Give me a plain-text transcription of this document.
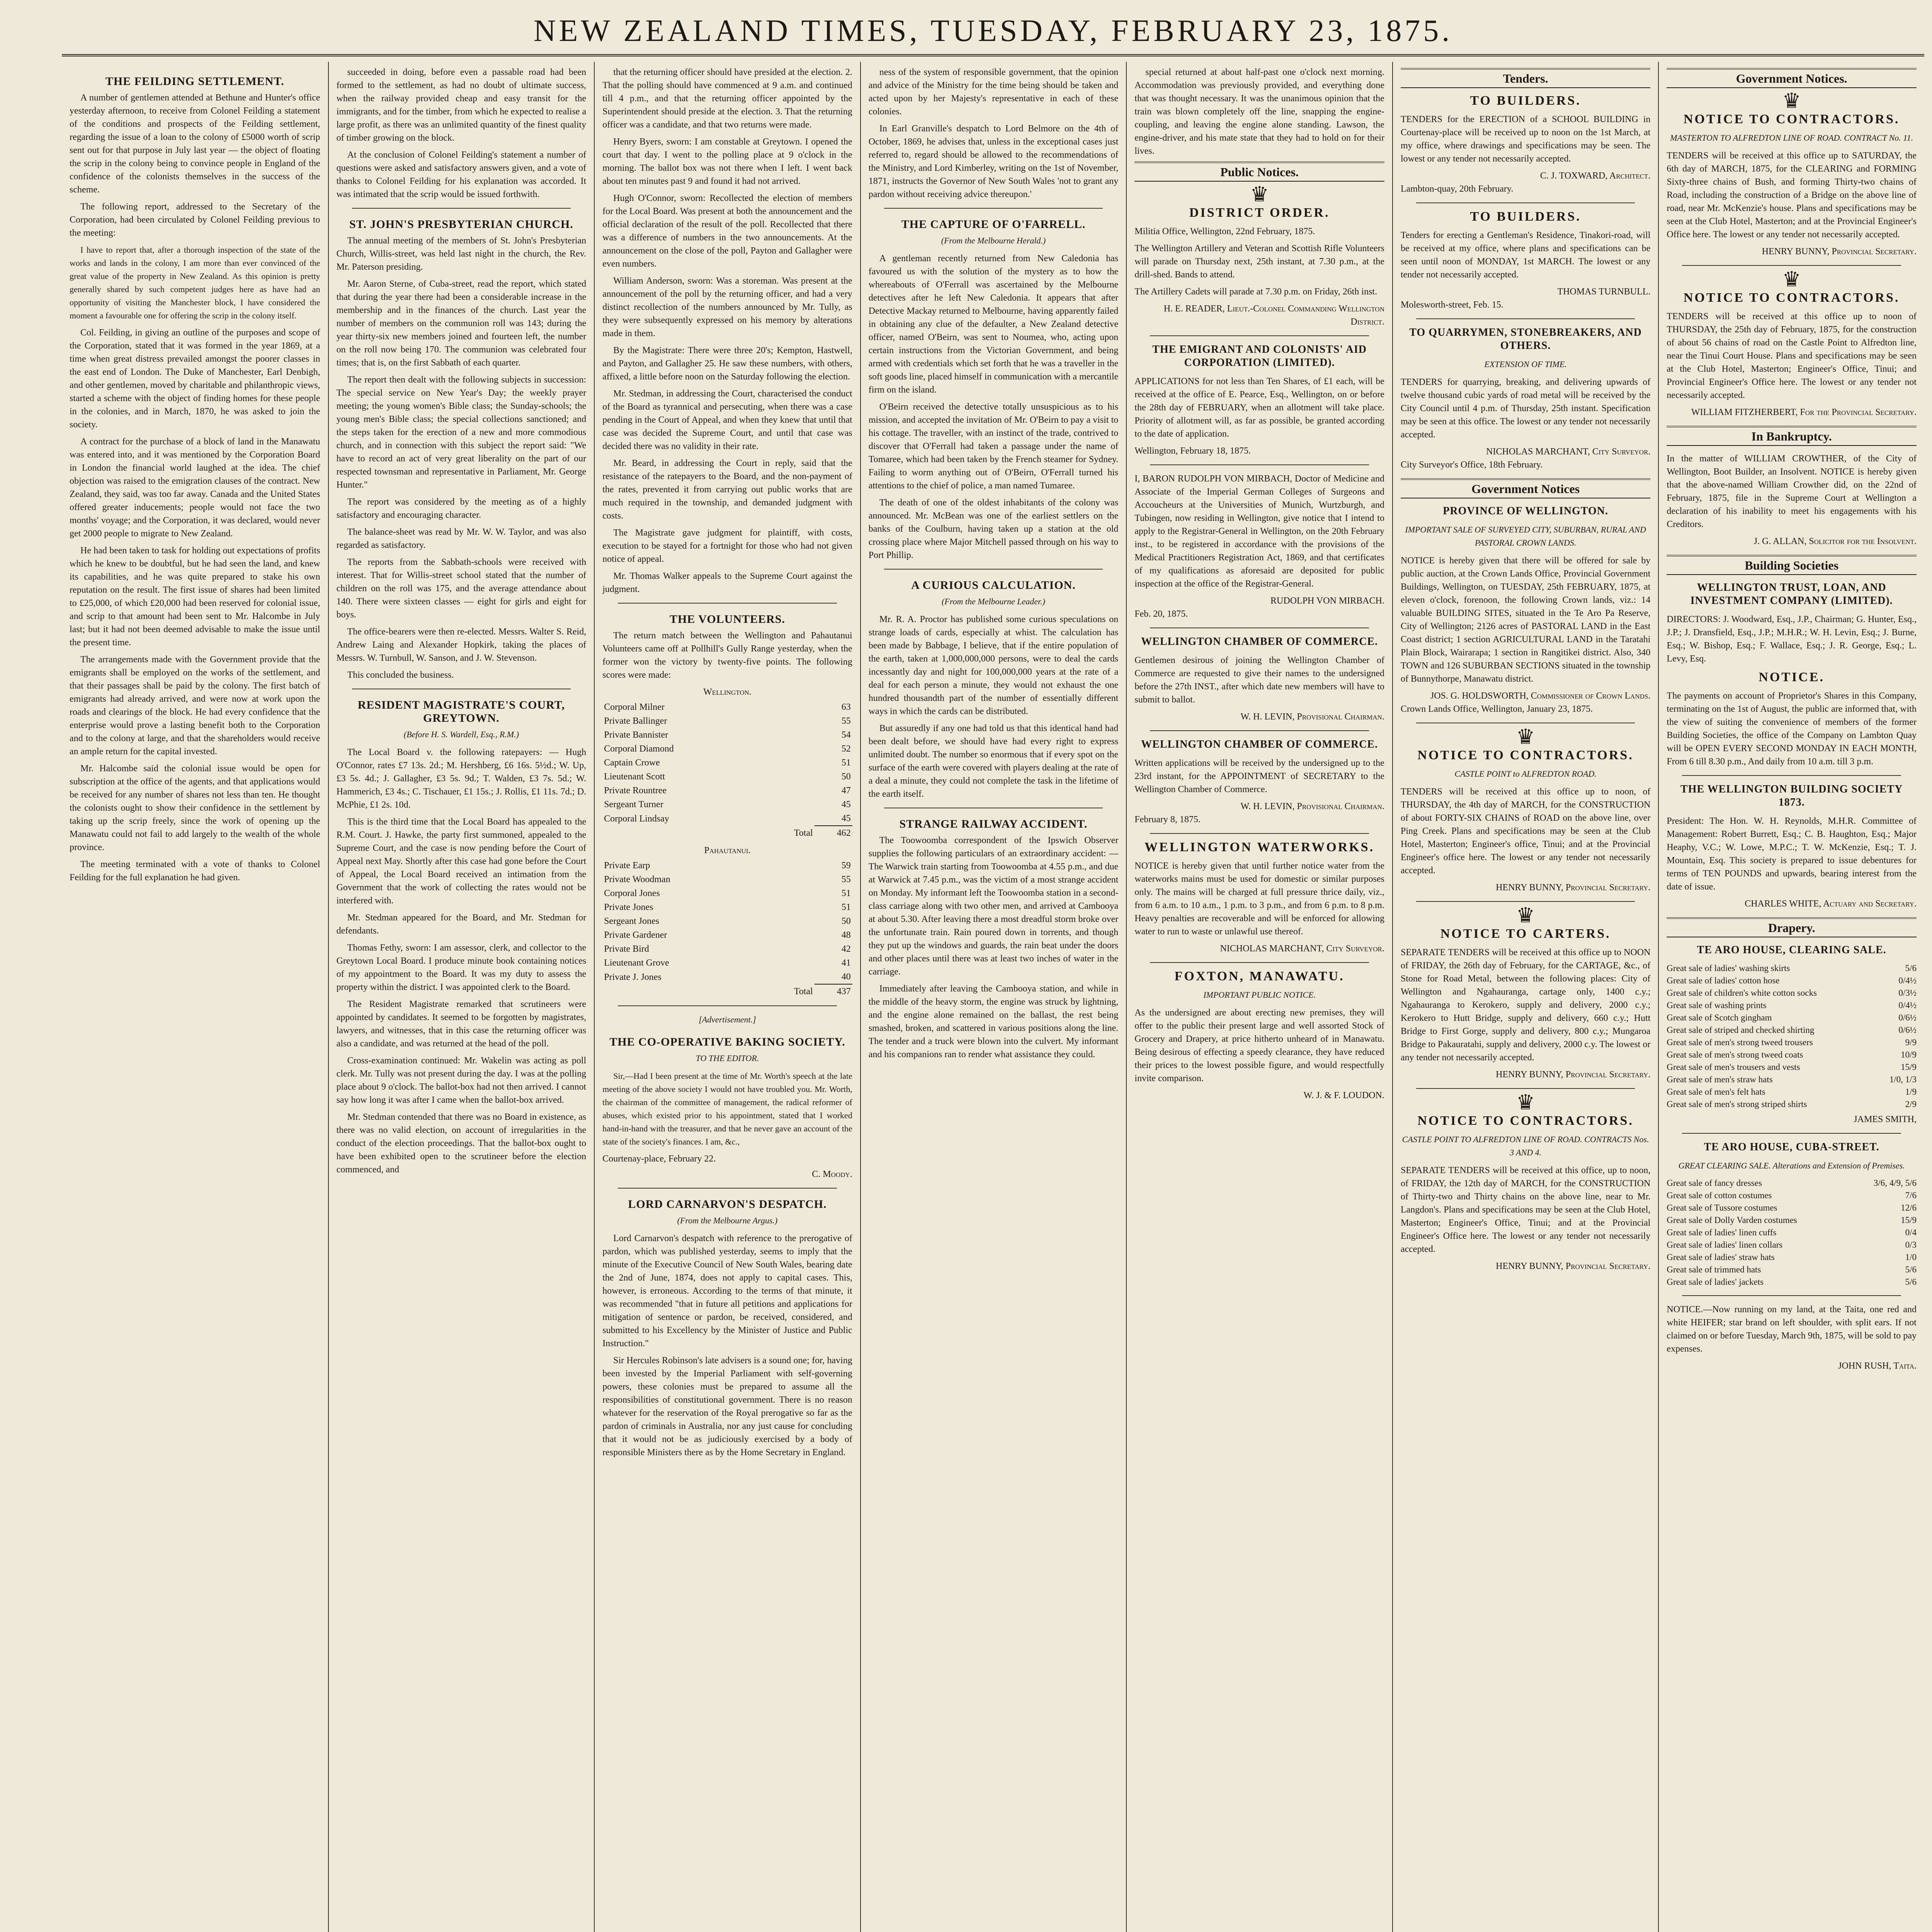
NEW ZEALAND TIMES, TUESDAY, FEBRUARY 23, 1875.
THE FEILDING SETTLEMENT.

A number of gentlemen attended at Bethune and Hunter's office yesterday afternoon, to receive from Colonel Feilding a statement of the conditions and prospects of the Feilding settlement, regarding the issue of a loan to the colony of £5000 worth of scrip sent out for that purpose in July last year — the object of floating the scrip in the colony being to convince people in England of the confidence of the colonists themselves in the success of the scheme.

The following report, addressed to the Secretary of the Corporation, had been circulated by Colonel Feilding previous to the meeting:

I have to report that, after a thorough inspection of the state of the works and lands in the colony, I am more than ever convinced of the great value of the property in New Zealand. As this opinion is pretty generally shared by such competent judges here as have had an opportunity of visiting the Manchester block, I have considered the moment a favourable one for offering the scrip in the colony itself.

Col. Feilding, in giving an outline of the purposes and scope of the Corporation, stated that it was formed in the year 1869, at a time when great distress prevailed amongst the poorer classes in the east end of London. The Duke of Manchester, Earl Denbigh, and other gentlemen, moved by charitable and philanthropic views, started a scheme with the object of finding homes for these people in the colonies, and in March, 1870, he was asked to join the society.

A contract for the purchase of a block of land in the Manawatu was entered into, and it was mentioned by the Corporation Board in London the financial world laughed at the idea. The chief objection was raised to the emigration clauses of the contract. New Zealand, they said, was too far away. Canada and the United States offered greater inducements; people would not face the two months' voyage; and the Corporation, it was declared, would never get 2000 people to migrate to New Zealand.

He had been taken to task for holding out expectations of profits which he knew to be doubtful, but he had seen the land, and knew its capabilities, and he was quite prepared to stake his own reputation on the result. The first issue of shares had been limited to £25,000, of which £20,000 had been reserved for colonial issue, and scrip to that amount had been sent to Mr. Halcombe in July last; but it had not been deemed advisable to make the issue until the present time.

The arrangements made with the Government provide that the emigrants shall be employed on the works of the settlement, and that their passages shall be paid by the colony. The first batch of emigrants had already arrived, and were now at work upon the roads and clearings of the block. He had every confidence that the enterprise would prove a lasting benefit both to the Corporation and to the colony at large, and that the shareholders would receive an ample return for the capital invested.

Mr. Halcombe said the colonial issue would be open for subscription at the office of the agents, and that applications would be received for any number of shares not less than ten. He thought the colonists ought to show their confidence in the settlement by taking up the scrip freely, since the work of opening up the Manawatu could not fail to add largely to the wealth of the whole province.

The meeting terminated with a vote of thanks to Colonel Feilding for the full explanation he had given.

succeeded in doing, before even a passable road had been formed to the settlement, as had no doubt of ultimate success, when the railway provided cheap and easy transit for the immigrants, and for the timber, from which he expected to realise a large profit, as there was an unlimited quantity of the finest quality of timber growing on the block.

At the conclusion of Colonel Feilding's statement a number of questions were asked and satisfactory answers given, and a vote of thanks to Colonel Feilding for his explanation was accorded. It was intimated that the scrip would be issued forthwith.

ST. JOHN'S PRESBYTERIAN CHURCH.

The annual meeting of the members of St. John's Presbyterian Church, Willis-street, was held last night in the church, the Rev. Mr. Paterson presiding.

Mr. Aaron Sterne, of Cuba-street, read the report, which stated that during the year there had been a considerable increase in the membership and in the finances of the church. Last year the number of members on the communion roll was 143; during the year thirty-six new members joined and fourteen left, the number on the roll now being 170. The communion was celebrated four times; that is, on the first Sabbath of each quarter.

The report then dealt with the following subjects in succession: The special service on New Year's Day; the weekly prayer meeting; the young women's Bible class; the Sunday-schools; the young men's Bible class; the special collections sanctioned; and the steps taken for the erection of a new and more commodious church, and in connection with this subject the report said: "We have to record an act of very great liberality on the part of our respected townsman and representative in Parliament, Mr. George Hunter."

The report was considered by the meeting as of a highly satisfactory and encouraging character.

The balance-sheet was read by Mr. W. W. Taylor, and was also regarded as satisfactory.

The reports from the Sabbath-schools were received with interest. That for Willis-street school stated that the number of children on the roll was 175, and the average attendance about 140. There were sixteen classes — eight for girls and eight for boys.

The office-bearers were then re-elected. Messrs. Walter S. Reid, Andrew Laing and Alexander Hopkirk, taking the places of Messrs. W. Turnbull, W. Sanson, and J. W. Stevenson.

This concluded the business.

RESIDENT MAGISTRATE'S COURT, GREYTOWN.
(Before H. S. Wardell, Esq., R.M.)

The Local Board v. the following ratepayers: — Hugh O'Connor, rates £7 13s. 2d.; M. Hershberg, £6 16s. 5½d.; W. Up, £3 5s. 4d.; J. Gallagher, £3 5s. 9d.; T. Walden, £3 7s. 5d.; W. Hammerich, £3 4s.; C. Tischauer, £1 15s.; J. Rollis, £1 11s. 7d.; D. McPhie, £1 2s. 10d.

This is the third time that the Local Board has appealed to the R.M. Court. J. Hawke, the party first summoned, appealed to the Supreme Court, and the case is now pending before the Court of Appeal next May. Shortly after this case had gone before the Court of Appeal, the Local Board received an intimation from the Government that the work of collecting the rates would not be interfered with.

Mr. Stedman appeared for the Board, and Mr. Stedman for defendants.

Thomas Fethy, sworn: I am assessor, clerk, and collector to the Greytown Local Board. I produce minute book containing notices of my appointment to the Board. It was my duty to assess the property within the district. I was appointed clerk to the Board.

The Resident Magistrate remarked that scrutineers were appointed by candidates. It seemed to be forgotten by magistrates, lawyers, and witnesses, that in this case the returning officer was also a candidate, and was returned at the head of the poll.

Cross-examination continued: Mr. Wakelin was acting as poll clerk. Mr. Tully was not present during the day. I was at the polling place about 9 o'clock. The ballot-box had not then arrived. I cannot say how long it was after I came when the ballot-box arrived.

Mr. Stedman contended that there was no Board in existence, as there was no valid election, on account of irregularities in the conduct of the election proceedings. That the ballot-box ought to have been exhibited open to the scrutineer before the election commenced, and

that the returning officer should have presided at the election. 2. That the polling should have commenced at 9 a.m. and continued till 4 p.m., and that the returning officer appointed by the Superintendent should preside at the election. 3. That the returning officer was a candidate, and that two returns were made.

Henry Byers, sworn: I am constable at Greytown. I opened the court that day. I went to the polling place at 9 o'clock in the morning. The ballot box was not there when I left. I went back about ten minutes past 9 and found it had not arrived.

Hugh O'Connor, sworn: Recollected the election of members for the Local Board. Was present at both the announcement and the official declaration of the result of the poll. Recollected that there was a difference of numbers in the two announcements. At the announcement on the close of the poll, Payton and Gallagher were even numbers.

William Anderson, sworn: Was a storeman. Was present at the announcement of the poll by the returning officer, and had a very distinct recollection of the numbers announced by Mr. Tully, as they were subsequently expressed on his memory by alterations made in them.

By the Magistrate: There were three 20's; Kempton, Hastwell, and Payton, and Gallagher 25. He saw these numbers, with others, affixed, a little before noon on the Saturday following the election.

Mr. Stedman, in addressing the Court, characterised the conduct of the Board as tyrannical and persecuting, when there was a case pending in the Court of Appeal, and when they knew that until that case was decided the Supreme Court, and until that case was decided there was no validity in their rate.

Mr. Beard, in addressing the Court in reply, said that the resistance of the ratepayers to the Board, and the non-payment of the rates, prevented it from carrying out public works that are much required in the township, and demanded judgment with costs.

The Magistrate gave judgment for plaintiff, with costs, execution to be stayed for a fortnight for those who had not given notice of appeal.

Mr. Thomas Walker appeals to the Supreme Court against the judgment.

THE VOLUNTEERS.

The return match between the Wellington and Pahautanui Volunteers came off at Pollhill's Gully Range yesterday, when the former won the victory by twenty-five points. The following scores were made:

Wellington.
Corporal Milner	63
Private Ballinger	55
Private Bannister	54
Corporal Diamond	52
Captain Crowe	51
Lieutenant Scott	50
Private Rountree	47
Sergeant Turner	45
Corporal Lindsay	45
Total	462
Pahautanui.
Private Earp	59
Private Woodman	55
Corporal Jones	51
Private Jones	51
Sergeant Jones	50
Private Gardener	48
Private Bird	42
Lieutenant Grove	41
Private J. Jones	40
Total	437
[Advertisement.]
THE CO-OPERATIVE BAKING SOCIETY.
TO THE EDITOR.

Sir,—Had I been present at the time of Mr. Worth's speech at the late meeting of the above society I would not have troubled you. Mr. Worth, the chairman of the committee of management, the radical reformer of abuses, which existed prior to his appointment, stated that I worked hand-in-hand with the treasurer, and that he never gave an account of the state of the society's finances. I am, &c.,

Courtenay-place, February 22.
C. Moody.
LORD CARNARVON'S DESPATCH.
(From the Melbourne Argus.)

Lord Carnarvon's despatch with reference to the prerogative of pardon, which was published yesterday, seems to imply that the minute of the Executive Council of New South Wales, bearing date the 2nd of June, 1874, does not apply to capital cases. This, however, is erroneous. According to the terms of that minute, it was recommended "that in future all petitions and applications for mitigation of sentence or pardon, be received, considered, and submitted to his Excellency by the Minister of Justice and Public Instruction."

Sir Hercules Robinson's late advisers is a sound one; for, having been invested by the Imperial Parliament with self-governing powers, these colonies must be prepared to assume all the responsibilities of constitutional government. There is no reason whatever for the reservation of the Royal prerogative so far as the pardon of criminals in Australia, nor any just cause for concluding that it would not be as judiciously exercised by a body of responsible Ministers there as by the Home Secretary in England.

ness of the system of responsible government, that the opinion and advice of the Ministry for the time being should be taken and acted upon by her Majesty's representative in each of these colonies.

In Earl Granville's despatch to Lord Belmore on the 4th of October, 1869, he advises that, unless in the exceptional cases just referred to, regard should be allowed to the recommendations of the Ministry, and Lord Kimberley, writing on the 1st of November, 1871, instructs the Governor of New South Wales 'not to grant any pardon without receiving advice thereupon.'

THE CAPTURE OF O'FARRELL.
(From the Melbourne Herald.)

A gentleman recently returned from New Caledonia has favoured us with the solution of the mystery as to how the whereabouts of O'Ferrall was ascertained by the Melbourne detectives after he left New Caledonia. It appears that after Detective Mackay returned to Melbourne, having apparently failed in obtaining any clue of the defaulter, a New Zealand detective officer, named O'Beirn, was sent to Noumea, who, acting upon certain instructions from the Victorian Government, and being armed with credentials which set forth that he was a traveller in the soft goods line, placed himself in communication with a mercantile firm on the island.

O'Beirn received the detective totally unsuspicious as to his mission, and accepted the invitation of Mr. O'Beirn to pay a visit to his cottage. The traveller, with an instinct of the trade, contrived to discover that O'Ferrall had taken a passage under the name of Tomaree, which had been taken by the French steamer for Sydney. Failing to worm anything out of O'Beirn, O'Ferrall turned his attentions to the chief of police, a man named Tumaree.

The death of one of the oldest inhabitants of the colony was announced. Mr. McBean was one of the earliest settlers on the banks of the Coulburn, having taken up a station at the old crossing place where Major Mitchell passed through on his way to Port Phillip.

A CURIOUS CALCULATION.
(From the Melbourne Leader.)

Mr. R. A. Proctor has published some curious speculations on strange loads of cards, especially at whist. The calculation has been made by Babbage, I believe, that if the entire population of the earth, taken at 1,000,000,000 persons, were to deal the cards incessantly day and night for 100,000,000 years at the rate of a deal for each person a minute, they would not exhaust the one hundred thousandth part of the number of essentially different ways in which the cards can be distributed.

But assuredly if any one had told us that this identical hand had been dealt before, we should have had every right to express unlimited doubt. The number so enormous that if every spot on the surface of the earth were covered with players dealing at the rate of a deal a minute, they could not complete the task in the lifetime of the earth itself.

STRANGE RAILWAY ACCIDENT.

The Toowoomba correspondent of the Ipswich Observer supplies the following particulars of an extraordinary accident: — The Warwick train starting from Toowoomba at 4.55 p.m., and due at Warwick at 7.45 p.m., was the victim of a most strange accident on Monday. My informant left the Toowoomba station in a second-class carriage along with two other men, and arrived at Cambooya at about 5.30. After leaving there a most dreadful storm broke over the unfortunate train. Rain poured down in torrents, and though they put up the windows and guards, the rain beat under the doors and other places until there was at least two inches of water in the carriage.

Immediately after leaving the Cambooya station, and while in the middle of the heavy storm, the engine was struck by lightning, and the engine alone remained on the ballast, the rest being smashed, broken, and scattered in various positions along the line. The tender and a truck were blown into the culvert. My informant and his companions ran to render what assistance they could.

special returned at about half-past one o'clock next morning. Accommodation was previously provided, and everything done that was thought necessary. It was the unanimous opinion that the train was blown completely off the line, snapping the engine-coupling, and leaving the engine alone standing. Lawson, the engine-driver, and his mate state that they had to hold on for their lives.

Public Notices.
♛
DISTRICT ORDER.

Militia Office, Wellington, 22nd February, 1875.

The Wellington Artillery and Veteran and Scottish Rifle Volunteers will parade on Thursday next, 25th instant, at 7.30 p.m., at the drill-shed. Bands to attend.

The Artillery Cadets will parade at 7.30 p.m. on Friday, 26th inst.

H. E. READER, Lieut.-Colonel Commanding Wellington District.
THE EMIGRANT AND COLONISTS' AID CORPORATION (LIMITED).

APPLICATIONS for not less than Ten Shares, of £1 each, will be received at the office of E. Pearce, Esq., Wellington, on or before the 28th day of FEBRUARY, when an allotment will take place. Priority of allotment will, as far as possible, be granted according to the date of application.

Wellington, February 18, 1875.

I, BARON RUDOLPH VON MIRBACH, Doctor of Medicine and Associate of the Imperial German Colleges of Surgeons and Accoucheurs at the Universities of Munich, Wurtzburgh, and Tubingen, now residing in Wellington, give notice that I intend to apply to the Registrar-General in Wellington, on the 20th February inst., to be registered in accordance with the provisions of the Medical Practitioners Registration Act, 1869, and that certificates of my qualifications as aforesaid are deposited for public inspection at the office of the Registrar-General.

RUDOLPH VON MIRBACH.
Feb. 20, 1875.
WELLINGTON CHAMBER OF COMMERCE.

Gentlemen desirous of joining the Wellington Chamber of Commerce are requested to give their names to the undersigned before the 27th INST., after which date new members will have to submit to ballot.

W. H. LEVIN, Provisional Chairman.
WELLINGTON CHAMBER OF COMMERCE.

Written applications will be received by the undersigned up to the 23rd instant, for the APPOINTMENT of SECRETARY to the Wellington Chamber of Commerce.

W. H. LEVIN, Provisional Chairman.
February 8, 1875.
WELLINGTON WATERWORKS.

NOTICE is hereby given that until further notice water from the waterworks mains must be used for domestic or similar purposes only. The mains will be charged at full pressure thrice daily, viz., from 6 a.m. to 10 a.m., 1 p.m. to 3 p.m., and from 6 p.m. to 8 p.m. Heavy penalties are recoverable and will be enforced for allowing water to run to waste or unlawful use thereof.

NICHOLAS MARCHANT, City Surveyor.
FOXTON, MANAWATU.
IMPORTANT PUBLIC NOTICE.

As the undersigned are about erecting new premises, they will offer to the public their present large and well assorted Stock of Grocery and Drapery, at price hitherto unheard of in Manawatu. Being desirous of effecting a speedy clearance, they have reduced their prices to the lowest possible figure, and would respectfully invite comparison.

W. J. & F. LOUDON.
Tenders.
TO BUILDERS.

TENDERS for the ERECTION of a SCHOOL BUILDING in Courtenay-place will be received up to noon on the 1st March, at my office, where drawings and specifications may be seen. The lowest or any tender not necessarily accepted.

C. J. TOXWARD, Architect.
Lambton-quay, 20th February.
TO BUILDERS.

Tenders for erecting a Gentleman's Residence, Tinakori-road, will be received at my office, where plans and specifications can be seen until noon of MONDAY, 1st MARCH. The lowest or any tender not necessarily accepted.

THOMAS TURNBULL.
Molesworth-street, Feb. 15.
TO QUARRYMEN, STONEBREAKERS, AND OTHERS.
EXTENSION OF TIME.

TENDERS for quarrying, breaking, and delivering upwards of twelve thousand cubic yards of road metal will be received by the City Council until 4 p.m. of Thursday, 25th instant. Specification may be seen at this office. The lowest or any tender not necessarily accepted.

NICHOLAS MARCHANT, City Surveyor.
City Surveyor's Office, 18th February.
Government Notices
PROVINCE OF WELLINGTON.
IMPORTANT SALE OF SURVEYED CITY, SUBURBAN, RURAL AND PASTORAL CROWN LANDS.

NOTICE is hereby given that there will be offered for sale by public auction, at the Crown Lands Office, Provincial Government Buildings, Wellington, on TUESDAY, 25th FEBRUARY, 1875, at eleven o'clock, forenoon, the following Crown lands, viz.: 14 valuable BUILDING SITES, situated in the Te Aro Pa Reserve, City of Wellington; 2126 acres of PASTORAL LAND in the East Coast district; 1 section AGRICULTURAL LAND in the Taratahi Plain Block, Wairarapa; 1 section in Rangitikei district. Also, 340 TOWN and 126 SUBURBAN SECTIONS situated in the township of Bunnythorpe, Manawatu district.

JOS. G. HOLDSWORTH, Commissioner of Crown Lands.
Crown Lands Office, Wellington, January 23, 1875.
♛
NOTICE TO CONTRACTORS.
CASTLE POINT to ALFREDTON ROAD.

TENDERS will be received at this office up to noon, of THURSDAY, the 4th day of MARCH, for the CONSTRUCTION of about FORTY-SIX CHAINS of ROAD on the above line, over Ping Creek. Plans and specifications may be seen at the Club Hotel, Masterton; Engineer's office, Tinui; and at the Provincial Engineer's office here. The lowest or any tender not necessarily accepted.

HENRY BUNNY, Provincial Secretary.
♛
NOTICE TO CARTERS.

SEPARATE TENDERS will be received at this office up to NOON of FRIDAY, the 26th day of February, for the CARTAGE, &c., of Stone for Road Metal, between the following places: City of Wellington and Ngahauranga, cartage only, 1400 c.y.; Ngahauranga to Kerokero, supply and delivery, 2000 c.y.; Kerokero to Hutt Bridge, supply and delivery, 660 c.y.; Hutt Bridge to First Gorge, supply and delivery, 800 c.y.; Mungaroa Bridge to Pakauratahi, supply and delivery, 2000 c.y. The lowest or any tender not necessarily accepted.

HENRY BUNNY, Provincial Secretary.
♛
NOTICE TO CONTRACTORS.
CASTLE POINT TO ALFREDTON LINE OF ROAD. CONTRACTS Nos. 3 AND 4.

SEPARATE TENDERS will be received at this office, up to noon, of FRIDAY, the 12th day of MARCH, for the CONSTRUCTION of Thirty-two and Thirty chains on the above line, near to Mr. Langdon's. Plans and specifications may be seen at the Club Hotel, Masterton; Engineer's Office, Tinui; and at the Provincial Engineer's Office here. The lowest or any tender not necessarily accepted.

HENRY BUNNY, Provincial Secretary.
Government Notices.
♛
NOTICE TO CONTRACTORS.
MASTERTON TO ALFREDTON LINE OF ROAD. CONTRACT No. 11.

TENDERS will be received at this office up to SATURDAY, the 6th day of MARCH, 1875, for the CLEARING and FORMING Sixty-three chains of Bush, and forming Thirty-two chains of Road, including the construction of a Bridge on the above line of road, near Mr. McKenzie's house. Plans and specifications may be seen at the Club Hotel, Masterton; and at the Provincial Engineer's Office here. The lowest or any tender not necessarily accepted.

HENRY BUNNY, Provincial Secretary.
♛
NOTICE TO CONTRACTORS.

TENDERS will be received at this office up to noon of THURSDAY, the 25th day of February, 1875, for the construction of about 56 chains of road on the Castle Point to Alfredton line, near the Tinui Court House. Plans and specifications may be seen at the Club Hotel, Masterton; Engineer's Office, Tinui; and Provincial Engineer's Office here. The lowest or any tender not necessarily accepted.

WILLIAM FITZHERBERT, For the Provincial Secretary.
In Bankruptcy.

In the matter of WILLIAM CROWTHER, of the City of Wellington, Boot Builder, an Insolvent. NOTICE is hereby given that the above-named William Crowther did, on the 22nd of February, 1875, file in the Supreme Court at Wellington a declaration of his inability to meet his engagements with his Creditors.

J. G. ALLAN, Solicitor for the Insolvent.
Building Societies
WELLINGTON TRUST, LOAN, AND INVESTMENT COMPANY (LIMITED).

DIRECTORS: J. Woodward, Esq., J.P., Chairman; G. Hunter, Esq., J.P.; J. Dransfield, Esq., J.P.; M.H.R.; W. H. Levin, Esq.; J. Burne, Esq.; W. Bishop, Esq.; F. Wallace, Esq.; J. R. George, Esq.; L. Levy, Esq.

NOTICE.

The payments on account of Proprietor's Shares in this Company, terminating on the 1st of August, the public are informed that, with the view of suiting the convenience of members of the former Building Societies, the office of the Company on Lambton Quay will be OPEN EVERY SECOND MONDAY IN EACH MONTH, From 6 till 8.30 p.m., And daily from 10 a.m. till 3 p.m.

THE WELLINGTON BUILDING SOCIETY 1873.

President: The Hon. W. H. Reynolds, M.H.R. Committee of Management: Robert Burrett, Esq.; C. B. Haughton, Esq.; Major Heaphy, V.C.; W. Lowe, M.P.C.; T. W. McKenzie, Esq.; T. J. Mountain, Esq. This society is prepared to issue debentures for terms of TEN POUNDS and upwards, bearing interest from the date of issue.

CHARLES WHITE, Actuary and Secretary.
Drapery.
TE ARO HOUSE, CLEARING SALE.
Great sale of ladies' washing skirts	5/6
Great sale of ladies' cotton hose	0/4½
Great sale of children's white cotton socks	0/3½
Great sale of washing prints	0/4½
Great sale of Scotch gingham	0/6½
Great sale of striped and checked shirting	0/6½
Great sale of men's strong tweed trousers	9/9
Great sale of men's strong tweed coats	10/9
Great sale of men's trousers and vests	15/9
Great sale of men's straw hats	1/0, 1/3
Great sale of men's felt hats	1/9
Great sale of men's strong striped shirts	2/9
JAMES SMITH,
TE ARO HOUSE, CUBA-STREET.
GREAT CLEARING SALE. Alterations and Extension of Premises.
Great sale of fancy dresses	3/6, 4/9, 5/6
Great sale of cotton costumes	7/6
Great sale of Tussore costumes	12/6
Great sale of Dolly Varden costumes	15/9
Great sale of ladies' linen cuffs	0/4
Great sale of ladies' linen collars	0/3
Great sale of ladies' straw hats	1/0
Great sale of trimmed hats	5/6
Great sale of ladies' jackets	5/6

NOTICE.—Now running on my land, at the Taita, one red and white HEIFER; star brand on left shoulder, with split ears. If not claimed on or before Tuesday, March 9th, 1875, will be sold to pay expenses.

JOHN RUSH, Taita.
